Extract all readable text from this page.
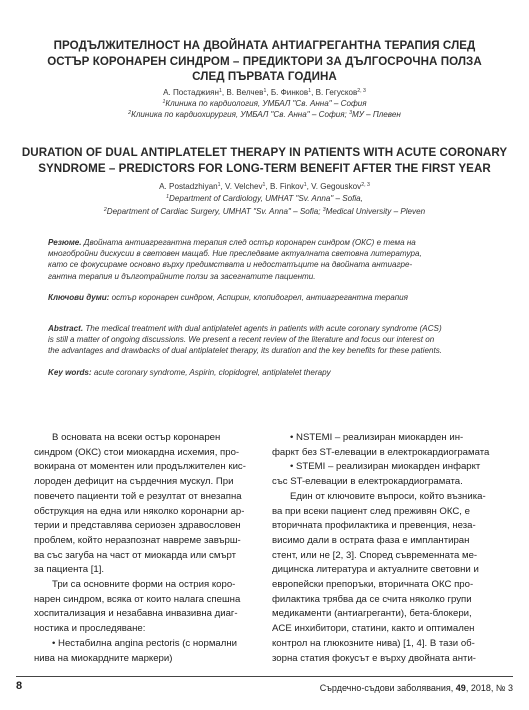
ПРОДЪЛЖИТЕЛНОСТ НА ДВОЙНАТА АНТИАГРЕГАНТНА ТЕРАПИЯ СЛЕД
ОСТЪР КОРОНАРЕН СИНДРОМ – ПРЕДИКТОРИ ЗА ДЪЛГОСРОЧНА ПОЛЗА
СЛЕД ПЪРВАТА ГОДИНА
А. Постаджиян$^1$, В. Велчев$^1$, Б. Финков$^1$, В. Гегусков$^{2, 3}$
$^1$Клиника по кардиология, УМБАЛ "Св. Анна" – София
$^2$Клиника по кардиохирургия, УМБАЛ "Св. Анна" – София; $^3$МУ – Плевен
DURATION OF DUAL ANTIPLATELET THERAPY IN PATIENTS WITH ACUTE CORONARY
SYNDROME – PREDICTORS FOR LONG-TERM BENEFIT AFTER THE FIRST YEAR
A. Postadzhiyan$^1$, V. Velchev$^1$, B. Finkov$^1$, V. Gegouskov$^{2, 3}$
$^1$Department of Cardiology, UMHAT "Sv. Anna" – Sofia,
$^2$Department of Cardiac Surgery, UMHAT "Sv. Anna" – Sofia; $^3$Medical University – Pleven
Резюме. Двойната антиагрегантна терапия след остър коронарен синдром (ОКС) е тема на
многобройни дискусии в световен мащаб. Ние преследваме актуалната световна литература,
като се фокусираме основно върху предимствата и недостатъците на двойната антиагре-
гантна терапия и дълготрайните ползи за засегнатите пациенти.
Ключови думи: остър коронарен синдром, Аспирин, клопидогрел, антиагрегантна терапия
Abstract. The medical treatment with dual antiplatelet agents in patients with acute coronary syndrome (ACS)
is still a matter of ongoing discussions. We present a recent review of the literature and focus our interest on
the advantages and drawbacks of dual antiplatelet therapy, its duration and the key benefits for these patients.
Key words: acute coronary syndrome, Aspirin, clopidogrel, antiplatelet therapy

В основата на всеки остър коронарен

синдром (ОКС) стои миокардна исхемия, про-

вокирана от моментен или продължителен кис-

лороден дефицит на сърдечния мускул. При

повечето пациенти той е резултат от внезапна

обструкция на една или няколко коронарни ар-

терии и представлява сериозен здравословен

проблем, който неразпознат навреме завърш-

ва със загуба на част от миокарда или смърт

за пациента [1].

Три са основните форми на острия коро-

нарен синдром, всяка от които налага спешна

хоспитализация и незабавна инвазивна диаг-

ностика и проследяване:

• Нестабилна angina pectoris (с нормални

нива на миокардните маркери)

• NSTEMI – реализиран миокарден ин-

фаркт без ST-елевации в електрокардиограмата

• STEMI – реализиран миокарден инфаркт

със ST-елевации в електрокардиограмата.

Един от ключовите въпроси, който възника-

ва при всеки пациент след преживян ОКС, е

вторичната профилактика и превенция, неза-

висимо дали в острата фаза е имплантиран

стент, или не [2, 3]. Според съвременната ме-

дицинска литература и актуалните световни и

европейски препоръки, вторичната ОКС про-

филактика трябва да се счита няколко групи

медикаменти (антиагреганти), бета-блокери,

ACE инхибитори, статини, както и оптимален

контрол на глюкозните нива) [1, 4]. В тази об-

зорна статия фокусът е върху двойната анти-

8	Сърдечно-съдови заболявания, 49, 2018, № 3
